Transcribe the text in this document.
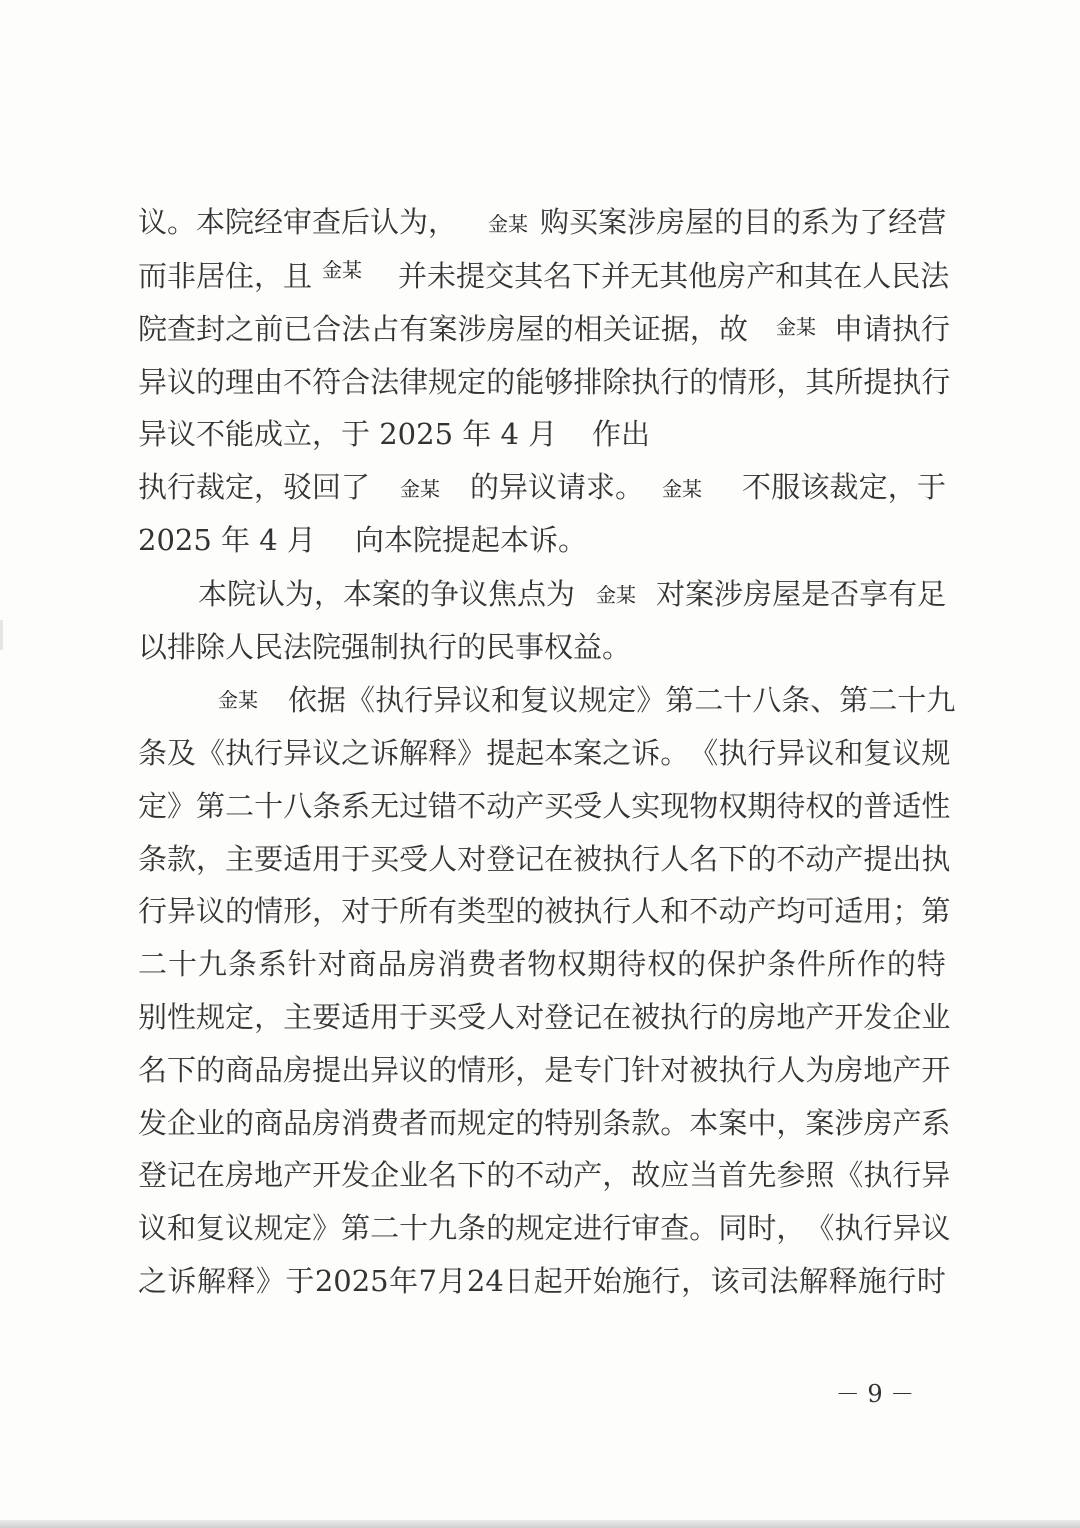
议。本院经审查后认为，

	购 买 案 涉 房 屋 的 目 的 系 为 了 经 营

金某

而非居住，且

	并 未 提 交 其 名 下 并 无 其 他 房 产 和 其 在 人 民 法

金某

院 查 封 之 前 已 合 法 占 有 案 涉 房 屋 的 相 关 证 据 ， 故

	申请执行

金某

异 议 的 理 由 不 符 合 法 律 规 定 的 能 够 排 除 执 行 的 情 形 ， 其 所 提 执 行

异议不能成立，于 2025 年 4 月

作出

执行裁定，驳回了

	的异议请求。

	不 服 该 裁 定 ， 于

金某	金某

2025 年 4 月

向本院提起本诉。

本院认为，本案的争议焦点为

	对 案 涉 房 屋 是 否 享 有 足

金某

以排除人民法院强制执行的民事权益。

依 据 《 执 行 异 议 和 复 议 规 定 》 第 二 十 八 条 、 第 二 十 九

金某

条 及 《 执 行 异 议 之 诉 解 释 》 提 起 本 案 之 诉 。 《 执 行 异 议 和 复 议 规

定 》 第 二 十 八 条 系 无 过 错 不 动 产 买 受 人 实 现 物 权 期 待 权 的 普 适 性

条 款 ， 主 要 适 用 于 买 受 人 对 登 记 在 被 执 行 人 名 下 的 不 动 产 提 出 执

行 异 议 的 情 形 ， 对 于 所 有 类 型 的 被 执 行 人 和 不 动 产 均 可 适 用 ； 第

二 十 九 条 系 针 对 商 品 房 消 费 者 物 权 期 待 权 的 保 护 条 件 所 作 的 特

别 性 规 定 ， 主 要 适 用 于 买 受 人 对 登 记 在 被 执 行 的 房 地 产 开 发 企 业

名 下 的 商 品 房 提 出 异 议 的 情 形 ， 是 专 门 针 对 被 执 行 人 为 房 地 产 开

发 企 业 的 商 品 房 消 费 者 而 规 定 的 特 别 条 款 。 本 案 中 ， 案 涉 房 产 系

登 记 在 房 地 产 开 发 企 业 名 下 的 不 动 产 ， 故 应 当 首 先 参 照 《 执 行 异

议 和 复 议 规 定 》 第 二 十 九 条 的 规 定 进 行 审 查 。 同 时 ， 《 执 行 异 议

之 诉 解 释 》 于 2025 年 7 月 24 日 起 开 始 施 行 ， 该 司 法 解 释 施 行 时

－ 9 －
